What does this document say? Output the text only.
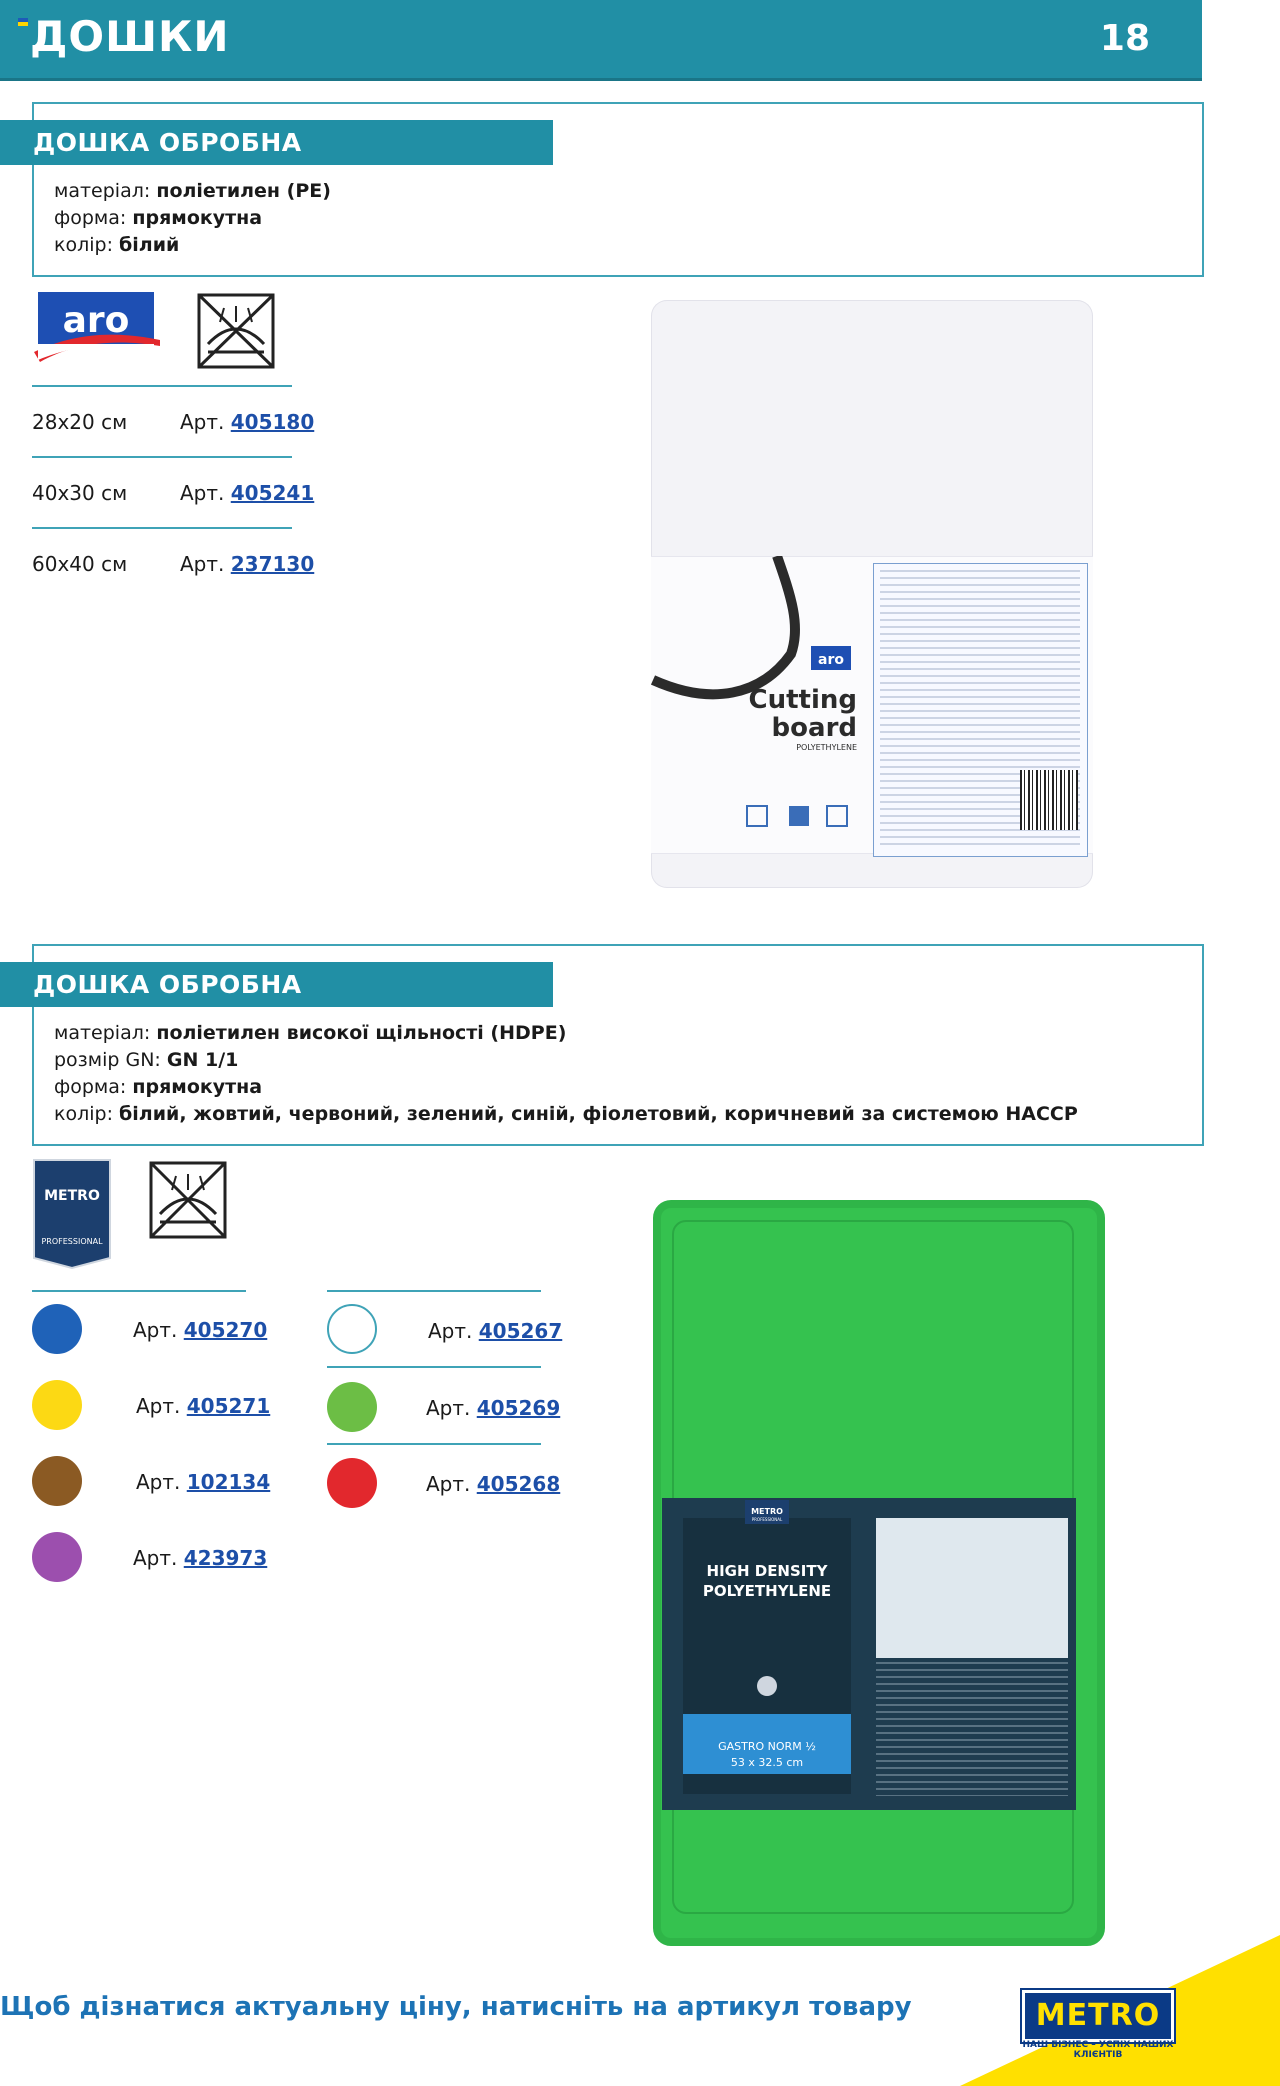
ДОШКИ	18
ДОШКА ОБРОБНА
матеріал: поліетилен (PE)
форма: прямокутна
колір: білий
aro
28x20 см	Арт. 405180
40x30 см	Арт. 405241
60x40 см	Арт. 237130
aro
Cutting
board
POLYETHYLENE
ДОШКА ОБРОБНА
матеріал: поліетилен високої щільності (HDPE)
розмір GN: GN 1/1
форма: прямокутна
колір: білий, жовтий, червоний, зелений, синій, фіолетовий, коричневий за системою HACCP
METRO
PROFESSIONAL
Арт. 405270
Арт. 405271
Арт. 102134
Арт. 423973
Арт. 405267
Арт. 405269
Арт. 405268
METRO
PROFESSIONAL
HIGH DENSITY
POLYETHYLENE
GASTRO NORM ½
53 x 32.5 cm
Щоб дізнатися актуальну ціну, натисніть на артикул товару	METRO
НАШ БІЗНЕС – УСПІХ НАШИХ КЛІЄНТІВ
